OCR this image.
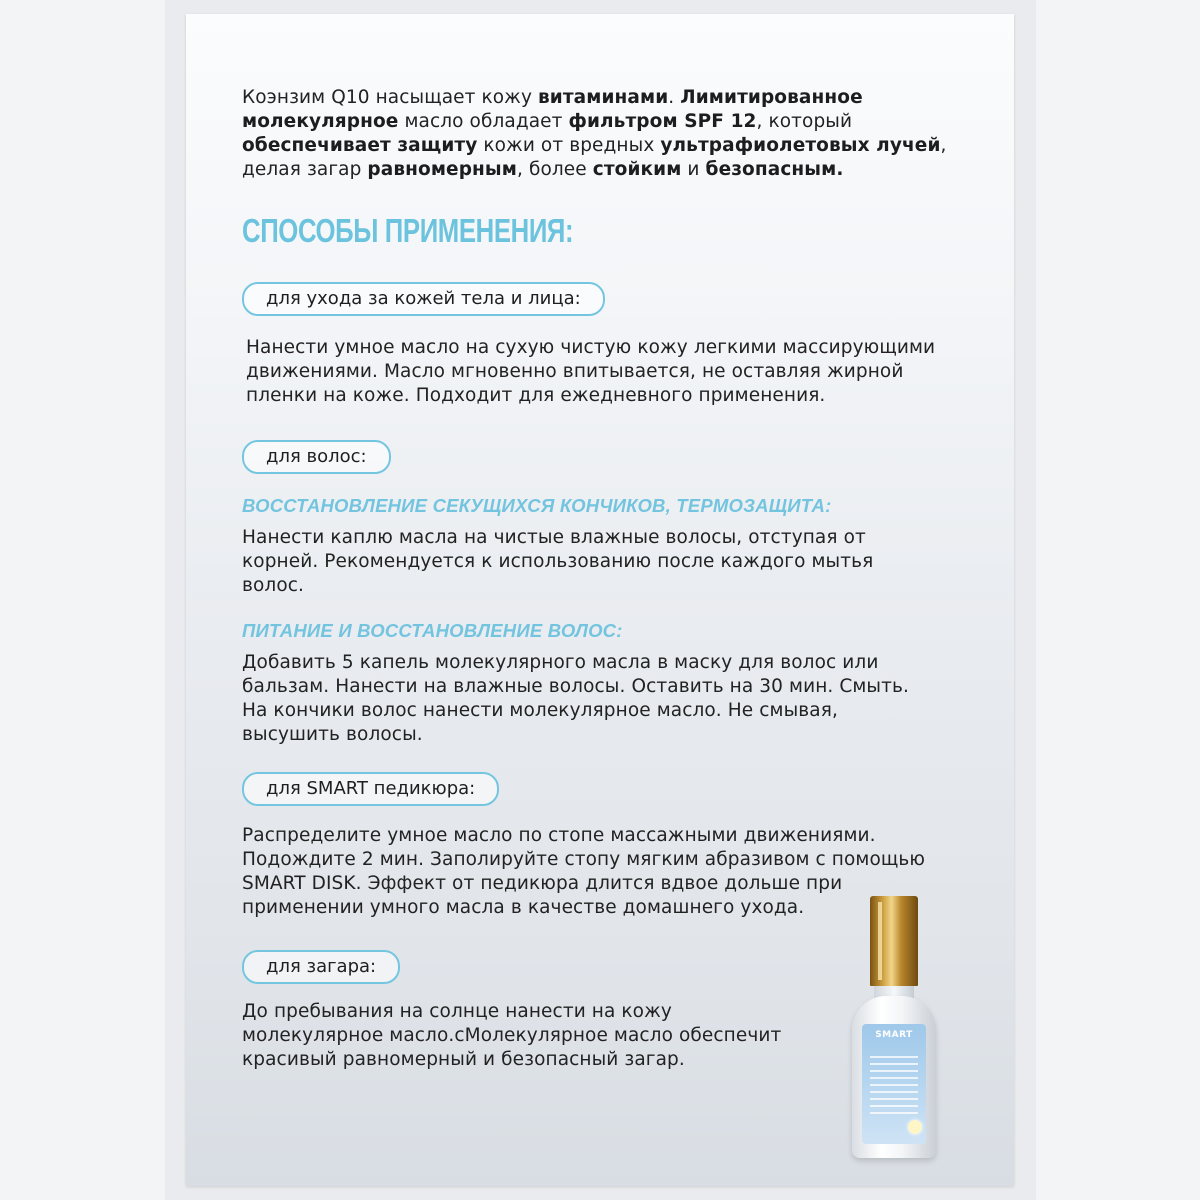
Коэнзим Q10 насыщает кожу витаминами. Лимитированное
молекулярное масло обладает фильтром SPF 12, который
обеспечивает защиту кожи от вредных ультрафиолетовых лучей,
делая загар равномерным, более стойким и безопасным.

СПОСОБЫ ПРИМЕНЕНИЯ:
для ухода за кожей тела и лица:

Нанести умное масло на сухую чистую кожу легкими массирующими
движениями. Масло мгновенно впитывается, не оставляя жирной
пленки на коже. Подходит для ежедневного применения.

для волос:

ВОССТАНОВЛЕНИЕ СЕКУЩИХСЯ КОНЧИКОВ, ТЕРМОЗАЩИТА:

Нанести каплю масла на чистые влажные волосы, отступая от
корней. Рекомендуется к использованию после каждого мытья
волос.

ПИТАНИЕ И ВОССТАНОВЛЕНИЕ ВОЛОС:

Добавить 5 капель молекулярного масла в маску для волос или
бальзам. Нанести на влажные волосы. Оставить на 30 мин. Смыть.
На кончики волос нанести молекулярное масло. Не смывая,
высушить волосы.

для SMART педикюра:

Распределите умное масло по стопе массажными движениями.
Подождите 2 мин. Заполируйте стопу мягким абразивом с помощью
SMART DISK. Эффект от педикюра длится вдвое дольше при
применении умного масла в качестве домашнего ухода.

для загара:

До пребывания на солнце нанести на кожу
молекулярное масло.cМолекулярное масло обеспечит
красивый равномерный и безопасный загар.

SMART
